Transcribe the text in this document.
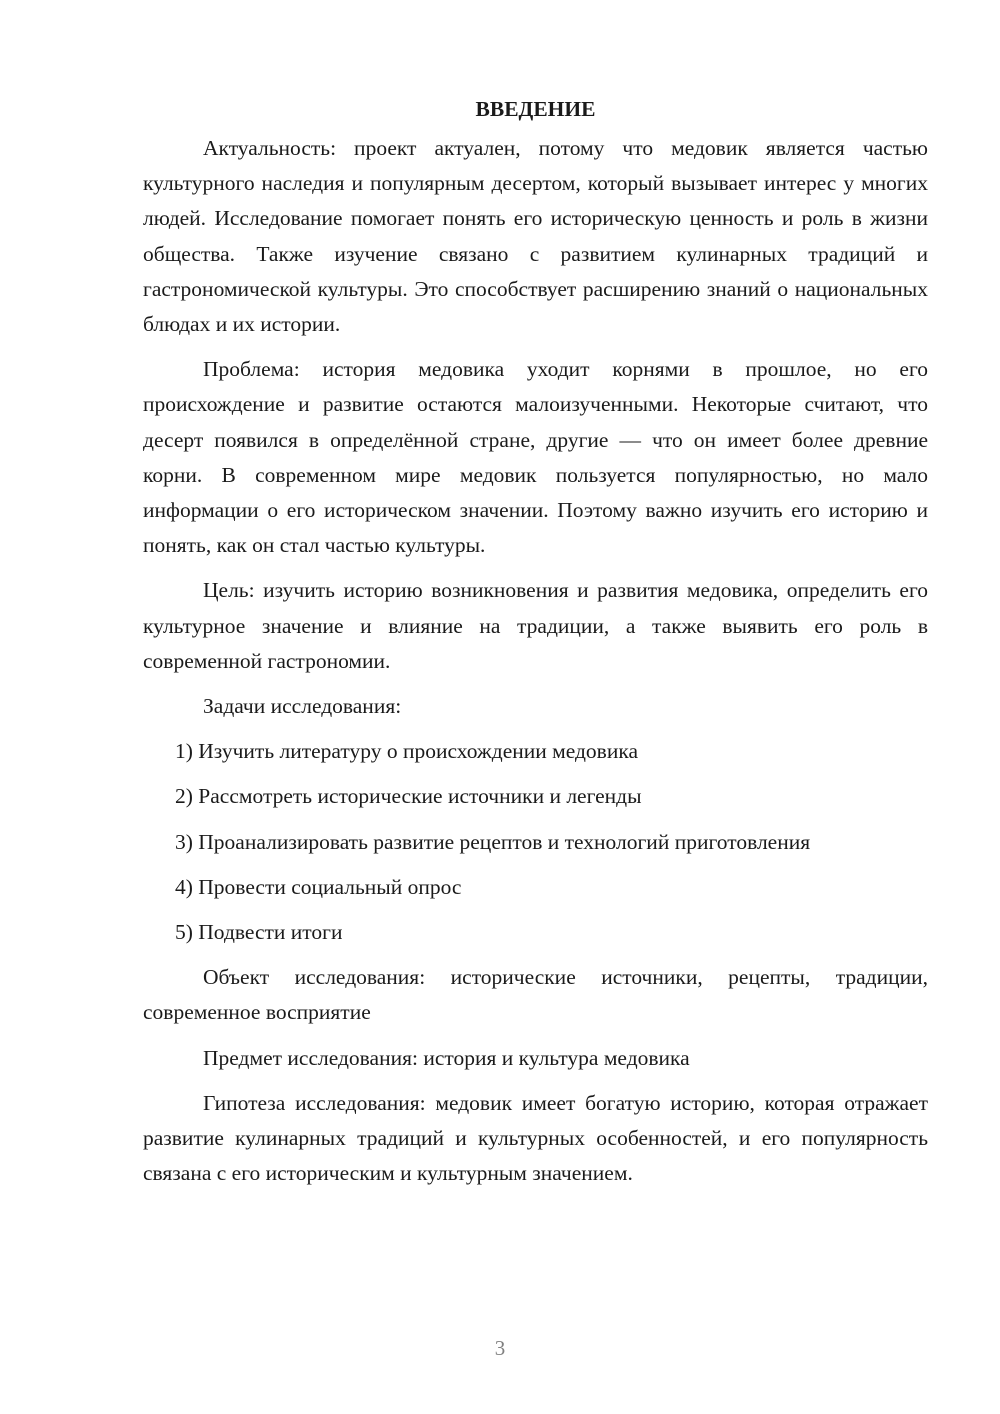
ВВЕДЕНИЕ

Актуальность: проект актуален, потому что медовик является частью культурного наследия и популярным десертом, который вызывает интерес у многих людей. Исследование помогает понять его историческую ценность и роль в жизни общества. Также изучение связано с развитием кулинарных традиций и гастрономической культуры. Это способствует расширению знаний о национальных блюдах и их истории.

Проблема: история медовика уходит корнями в прошлое, но его происхождение и развитие остаются малоизученными. Некоторые считают, что десерт появился в определённой стране, другие — что он имеет более древние корни. В современном мире медовик пользуется популярностью, но мало информации о его историческом значении. Поэтому важно изучить его историю и понять, как он стал частью культуры.

Цель: изучить историю возникновения и развития медовика, определить его культурное значение и влияние на традиции, а также выявить его роль в современной гастрономии.

Задачи исследования:

1) Изучить литературу о происхождении медовика
2) Рассмотреть исторические источники и легенды
3) Проанализировать развитие рецептов и технологий приготовления
4) Провести социальный опрос
5) Подвести итоги

Объект исследования: исторические источники, рецепты, традиции, современное восприятие

Предмет исследования: история и культура медовика

Гипотеза исследования: медовик имеет богатую историю, которая отражает развитие кулинарных традиций и культурных особенностей, и его популярность связана с его историческим и культурным значением.

3
